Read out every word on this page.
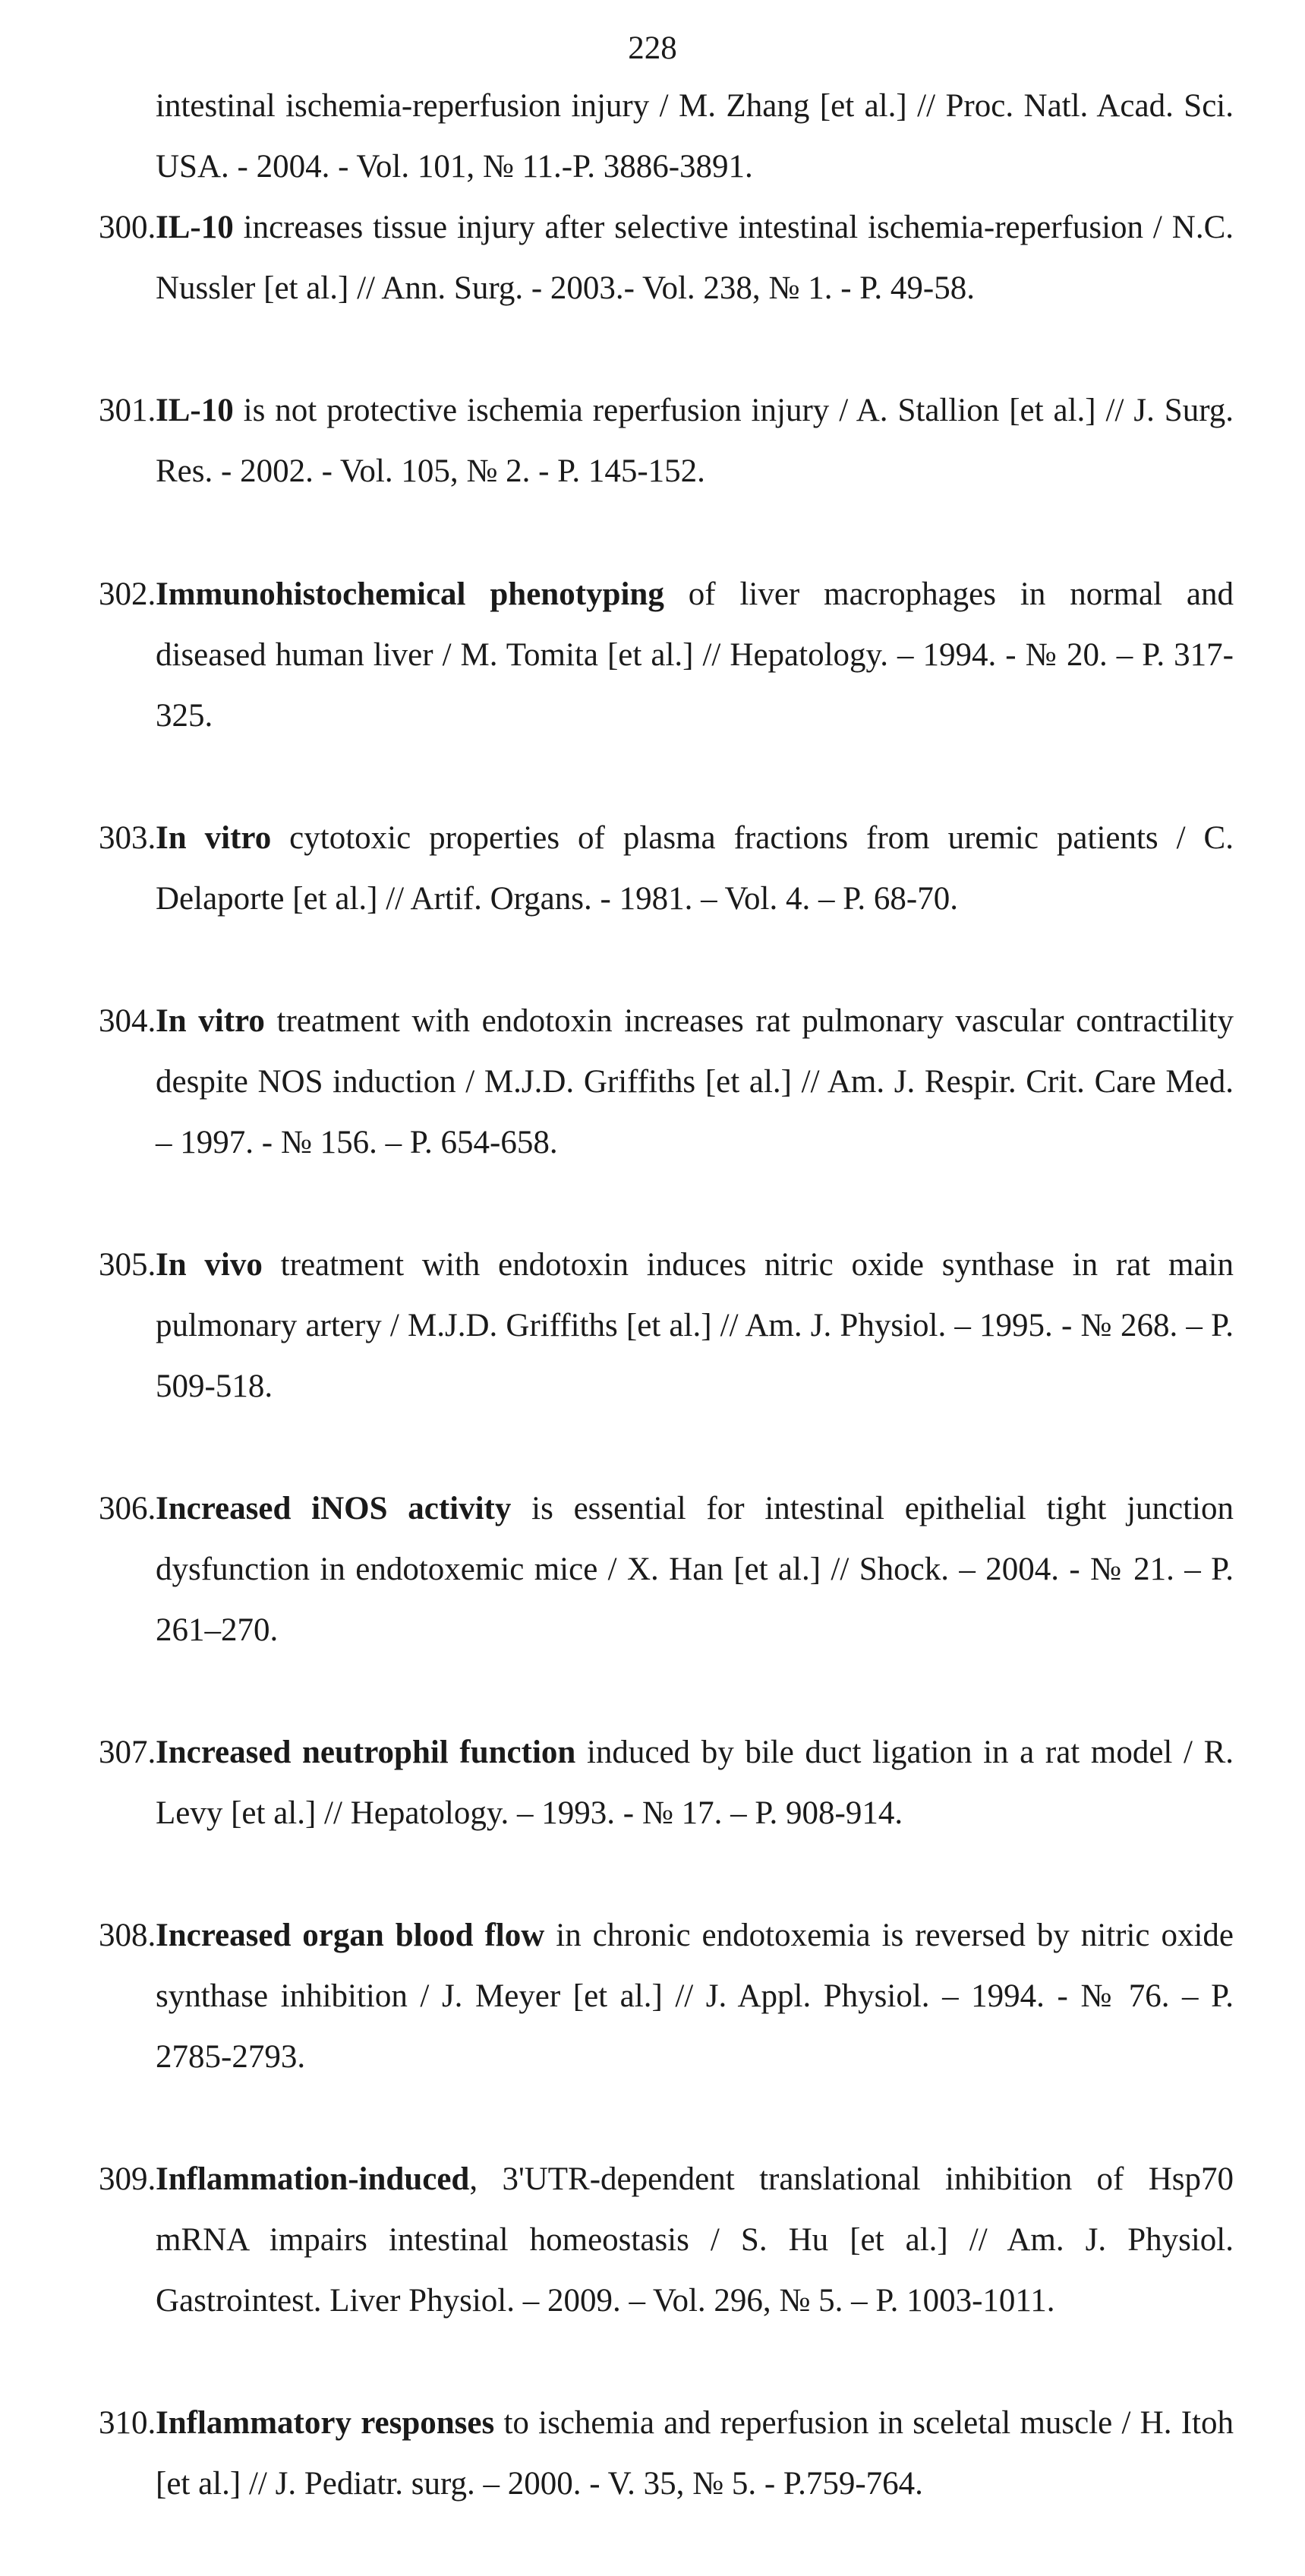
228
intestinal ischemia-reperfusion injury / M. Zhang [et al.] // Proc. Natl. Acad. Sci. USA. - 2004. - Vol. 101, № 11.-P. 3886-3891.
300. IL-10 increases tissue injury after selective intestinal ischemia-reperfusion / N.C. Nussler [et al.] // Ann. Surg. - 2003.- Vol. 238, № 1. - P. 49-58.
301. IL-10 is not protective ischemia reperfusion injury / A. Stallion [et al.] // J. Surg. Res. - 2002. - Vol. 105, № 2. - P. 145-152.
302. Immunohistochemical phenotyping of liver macrophages in normal and diseased human liver / M. Tomita [et al.] // Hepatology. – 1994. - № 20. – P. 317-325.
303. In vitro cytotoxic properties of plasma fractions from uremic patients / C. Delaporte [et al.] // Artif. Organs. - 1981. – Vol. 4. – P. 68-70.
304. In vitro treatment with endotoxin increases rat pulmonary vascular contractility despite NOS induction / M.J.D. Griffiths [et al.] // Am. J. Respir. Crit. Care Med. – 1997. - № 156. – P. 654-658.
305. In vivo treatment with endotoxin induces nitric oxide synthase in rat main pulmonary artery / M.J.D. Griffiths [et al.] // Am. J. Physiol. – 1995. - № 268. – P. 509-518.
306. Increased iNOS activity is essential for intestinal epithelial tight junction dysfunction in endotoxemic mice / X. Han [et al.] // Shock. – 2004. - № 21. – P. 261–270.
307. Increased neutrophil function induced by bile duct ligation in a rat model / R. Levy [et al.] // Hepatology. – 1993. - № 17. – P. 908-914.
308. Increased organ blood flow in chronic endotoxemia is reversed by nitric oxide synthase inhibition / J. Meyer [et al.] // J. Appl. Physiol. – 1994. - № 76. – P. 2785-2793.
309. Inflammation-induced, 3'UTR-dependent translational inhibition of Hsp70 mRNA impairs intestinal homeostasis / S. Hu [et al.] // Am. J. Physiol. Gastrointest. Liver Physiol. – 2009. – Vol. 296, № 5. – P. 1003-1011.
310. Inflammatory responses to ischemia and reperfusion in sceletal muscle / H. Itoh [et al.] // J. Pediatr. surg. – 2000. - V. 35, № 5. - P.759-764.
